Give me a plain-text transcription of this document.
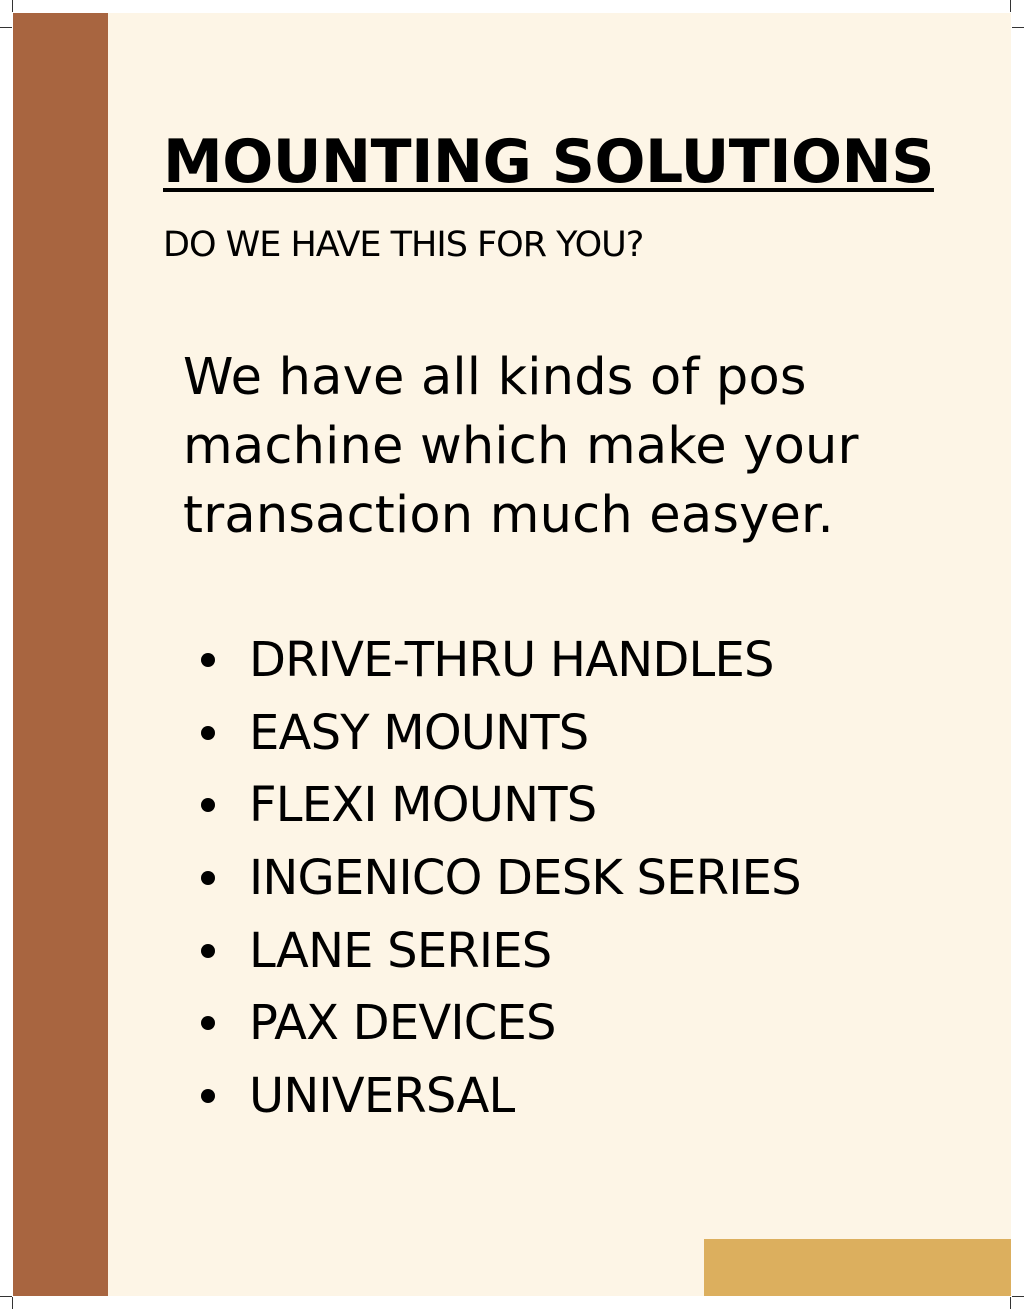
MOUNTING SOLUTIONS

DO WE HAVE THIS FOR YOU?

We have all kinds of pos machine which make your transaction much easyer.

DRIVE-THRU HANDLES
EASY MOUNTS
FLEXI MOUNTS
INGENICO DESK SERIES
LANE SERIES
PAX DEVICES
UNIVERSAL
